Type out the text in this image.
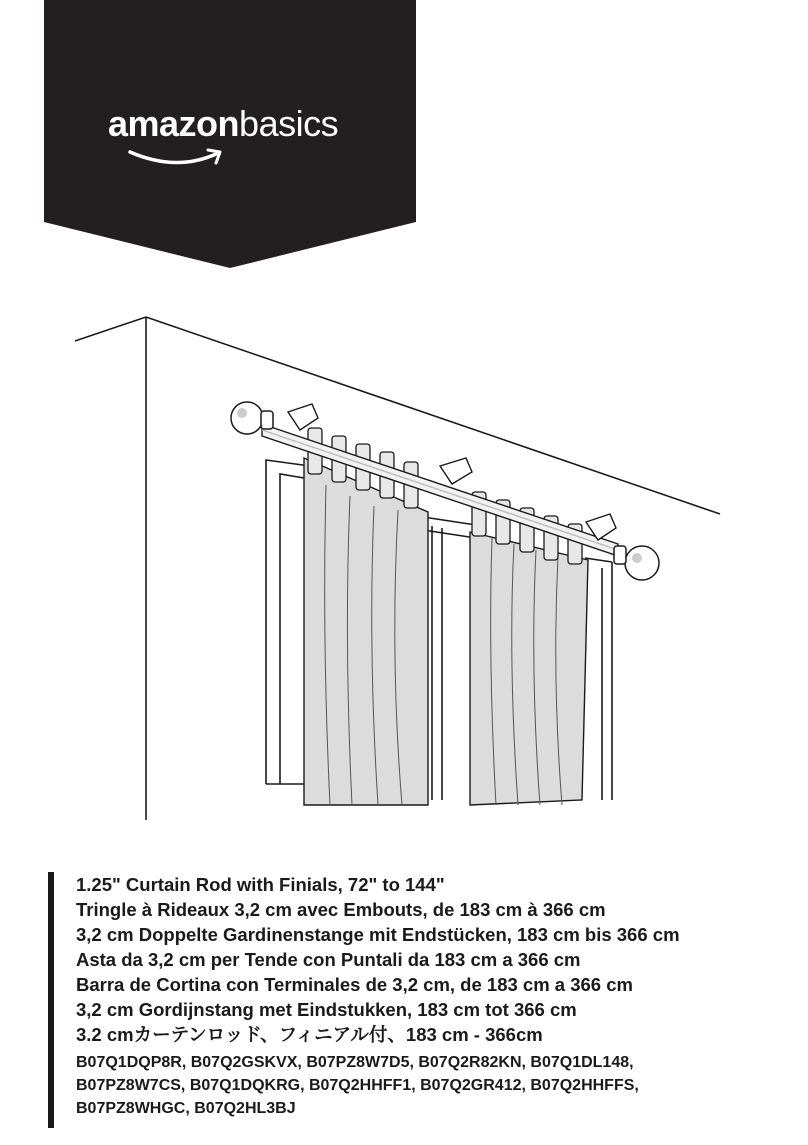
amazonbasics
1.25" Curtain Rod with Finials, 72" to 144"
Tringle à Rideaux 3,2 cm avec Embouts, de 183 cm à 366 cm
3,2 cm Doppelte Gardinenstange mit Endstücken, 183 cm bis 366 cm
Asta da 3,2 cm per Tende con Puntali da 183 cm a 366 cm
Barra de Cortina con Terminales de 3,2 cm, de 183 cm a 366 cm
3,2 cm Gordijnstang met Eindstukken, 183 cm tot 366 cm
3.2 cmカーテンロッド、フィニアル付、183 cm - 366cm
B07Q1DQP8R, B07Q2GSKVX, B07PZ8W7D5, B07Q2R82KN, B07Q1DL148,
B07PZ8W7CS, B07Q1DQKRG, B07Q2HHFF1, B07Q2GR412, B07Q2HHFFS,
B07PZ8WHGC, B07Q2HL3BJ
